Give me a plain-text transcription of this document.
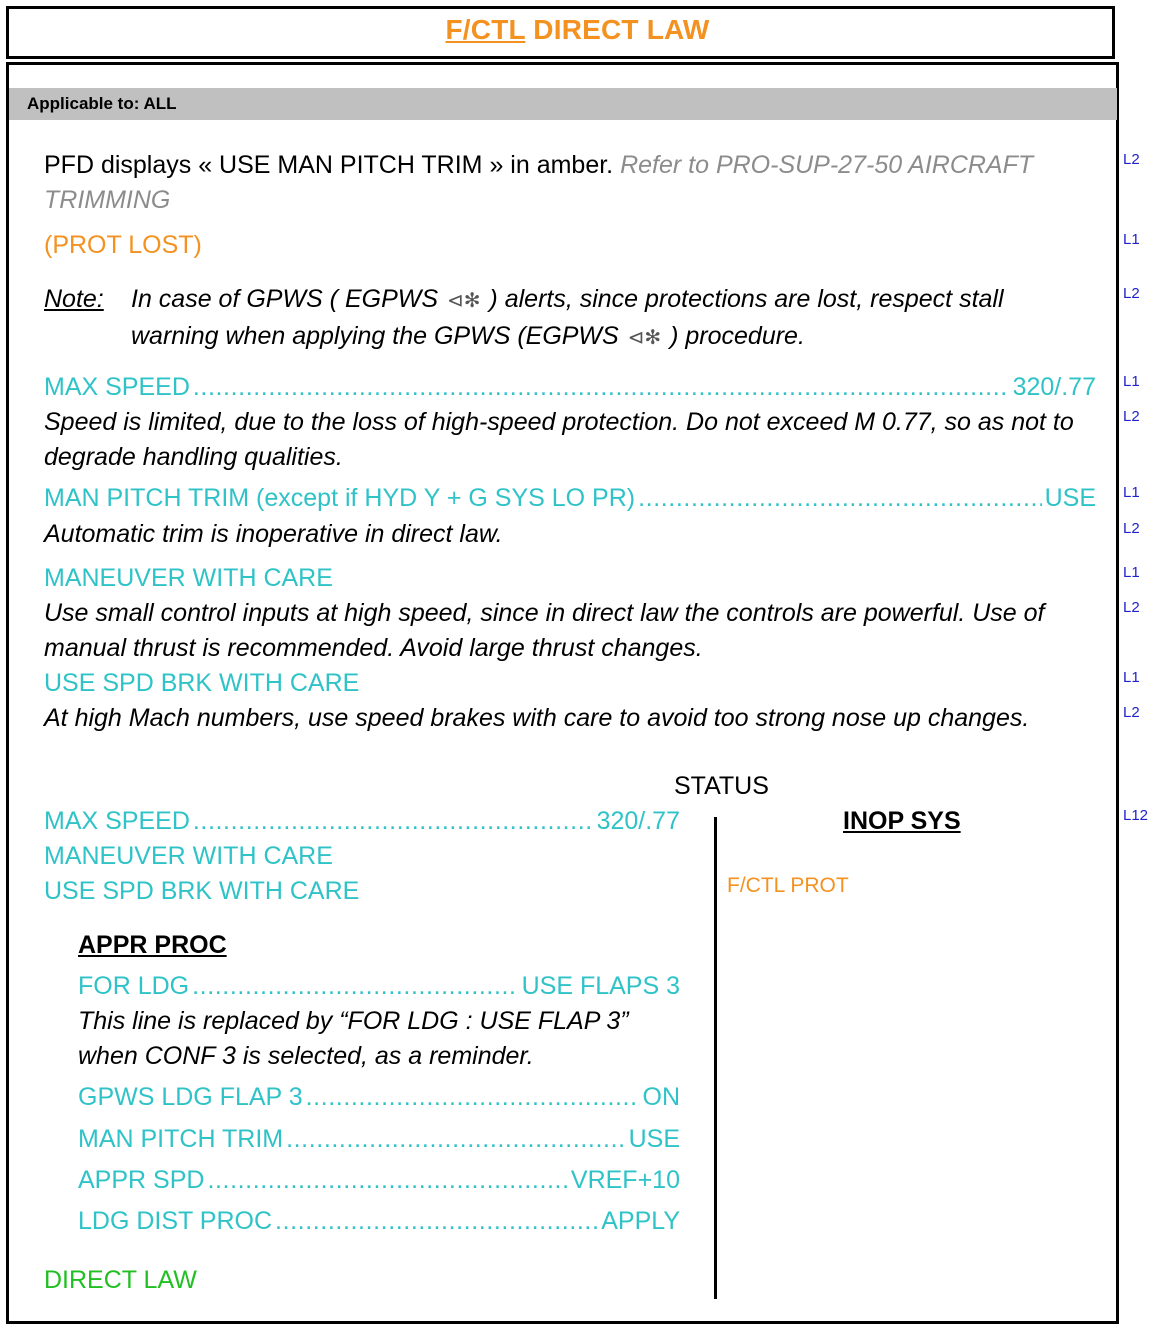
F/CTL DIRECT LAW
Applicable to: ALL
PFD displays « USE MAN PITCH TRIM » in amber. Refer to PRO-SUP-27-50 AIRCRAFT TRIMMING
(PROT LOST)
Note: In case of GPWS ( EGPWS ⊲✻ ) alerts, since protections are lost, respect stall warning when applying the GPWS (EGPWS ⊲✻ ) procedure.
MAX SPEED .....	320/.77
Speed is limited, due to the loss of high-speed protection. Do not exceed M 0.77, so as not to degrade handling qualities.
MAN PITCH TRIM (except if HYD Y + G SYS LO PR) .....	USE
Automatic trim is inoperative in direct law.
MANEUVER WITH CARE
Use small control inputs at high speed, since in direct law the controls are powerful. Use of manual thrust is recommended. Avoid large thrust changes.
USE SPD BRK WITH CARE
At high Mach numbers, use speed brakes with care to avoid too strong nose up changes.
L2
L1
L2
L1
L2
L1
L2
L1
L2
L1
L2
L12
STATUS
MAX SPEED .....	320/.77
MANEUVER WITH CARE
USE SPD BRK WITH CARE
APPR PROC
FOR LDG .....	USE FLAPS 3
This line is replaced by “FOR LDG : USE FLAP 3” when CONF 3 is selected, as a reminder.
GPWS LDG FLAP 3 .....	ON
MAN PITCH TRIM .....	USE
APPR SPD .....	VREF+10
LDG DIST PROC .....	APPLY
DIRECT LAW
INOP SYS
F/CTL PROT
